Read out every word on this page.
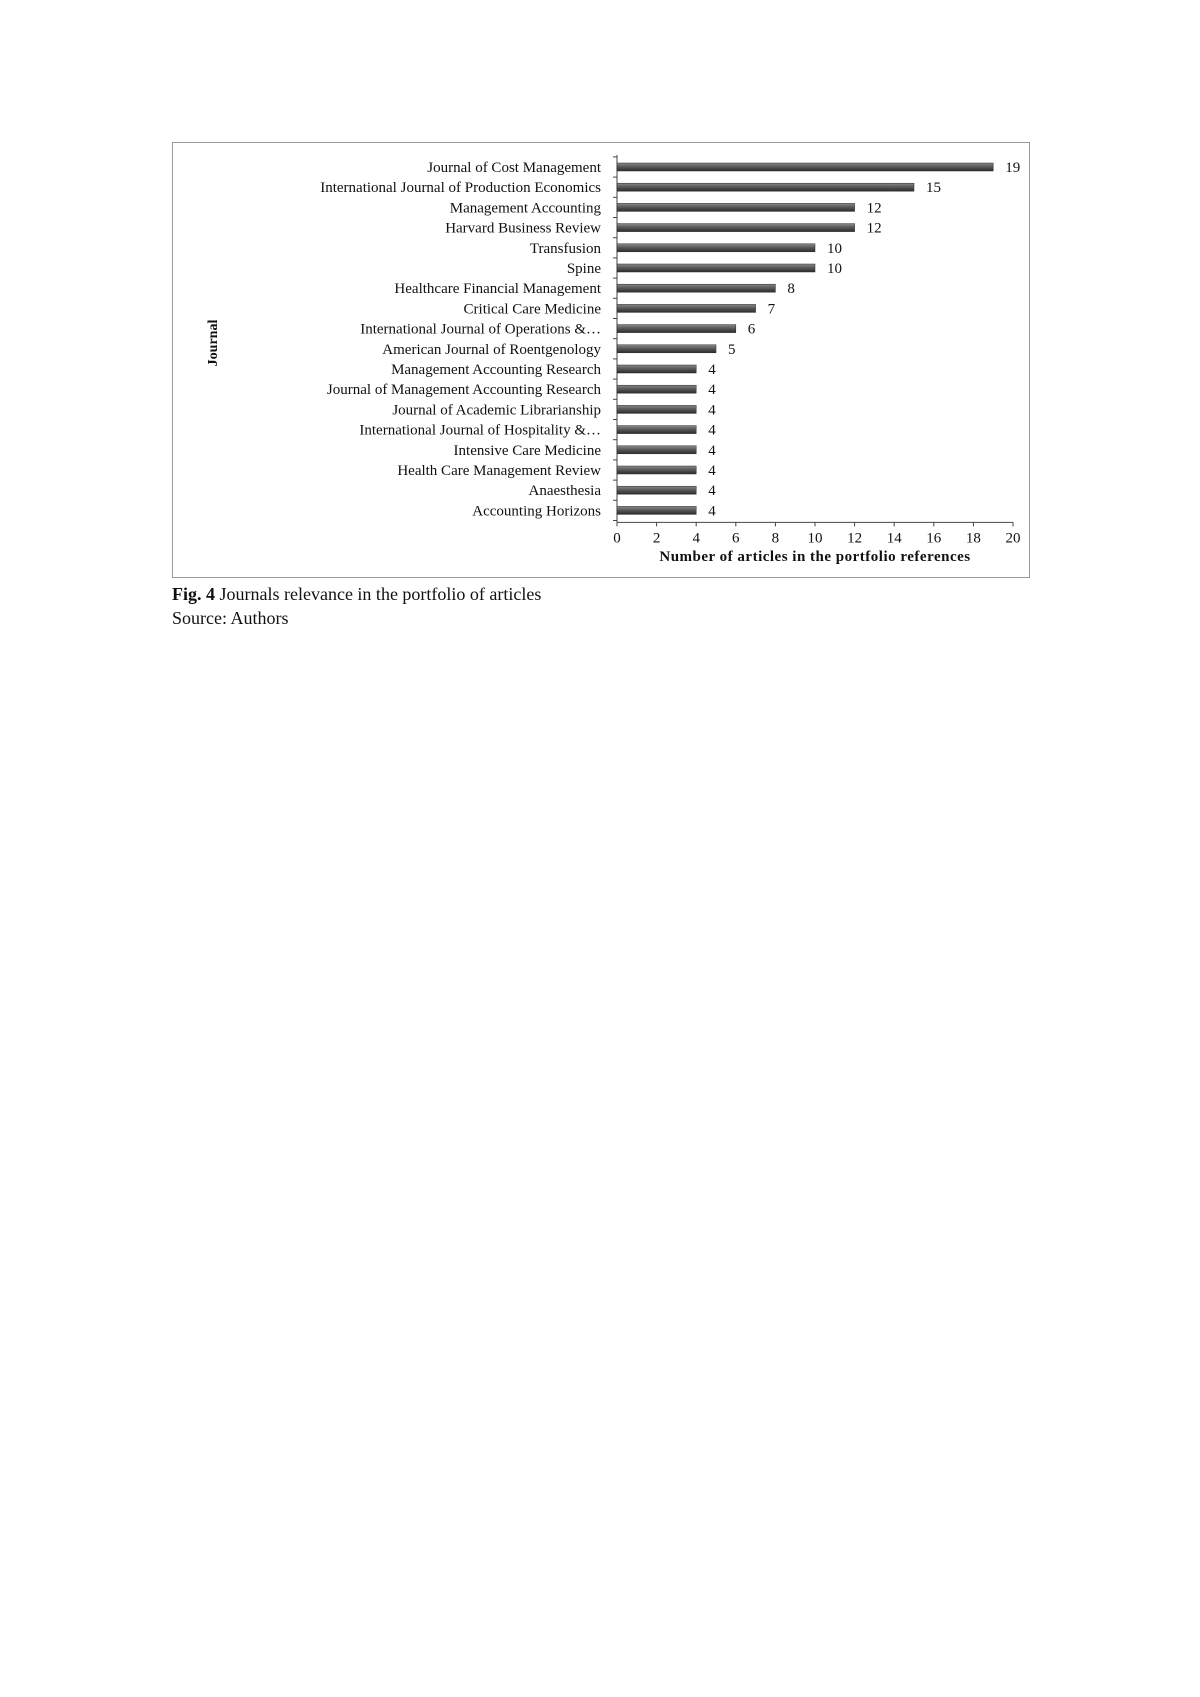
0 2 4 6 8 10 12 14 16 18 20
Journal of Cost Management	19
International Journal of Production Economics	15
Management Accounting	12
Harvard Business Review	12
Transfusion	10
Spine	10
Healthcare Financial Management	8
Critical Care Medicine	7
International Journal of Operations &…	6
American Journal of Roentgenology	5
Management Accounting Research	4
Journal of Management Accounting Research	4
Journal of Academic Librarianship	4
International Journal of Hospitality &…	4
Intensive Care Medicine	4
Health Care Management Review	4
Anaesthesia	4
Accounting Horizons	4
Number of articles in the portfolio references
Journal
Fig. 4 Journals relevance in the portfolio of articles
Source: Authors
